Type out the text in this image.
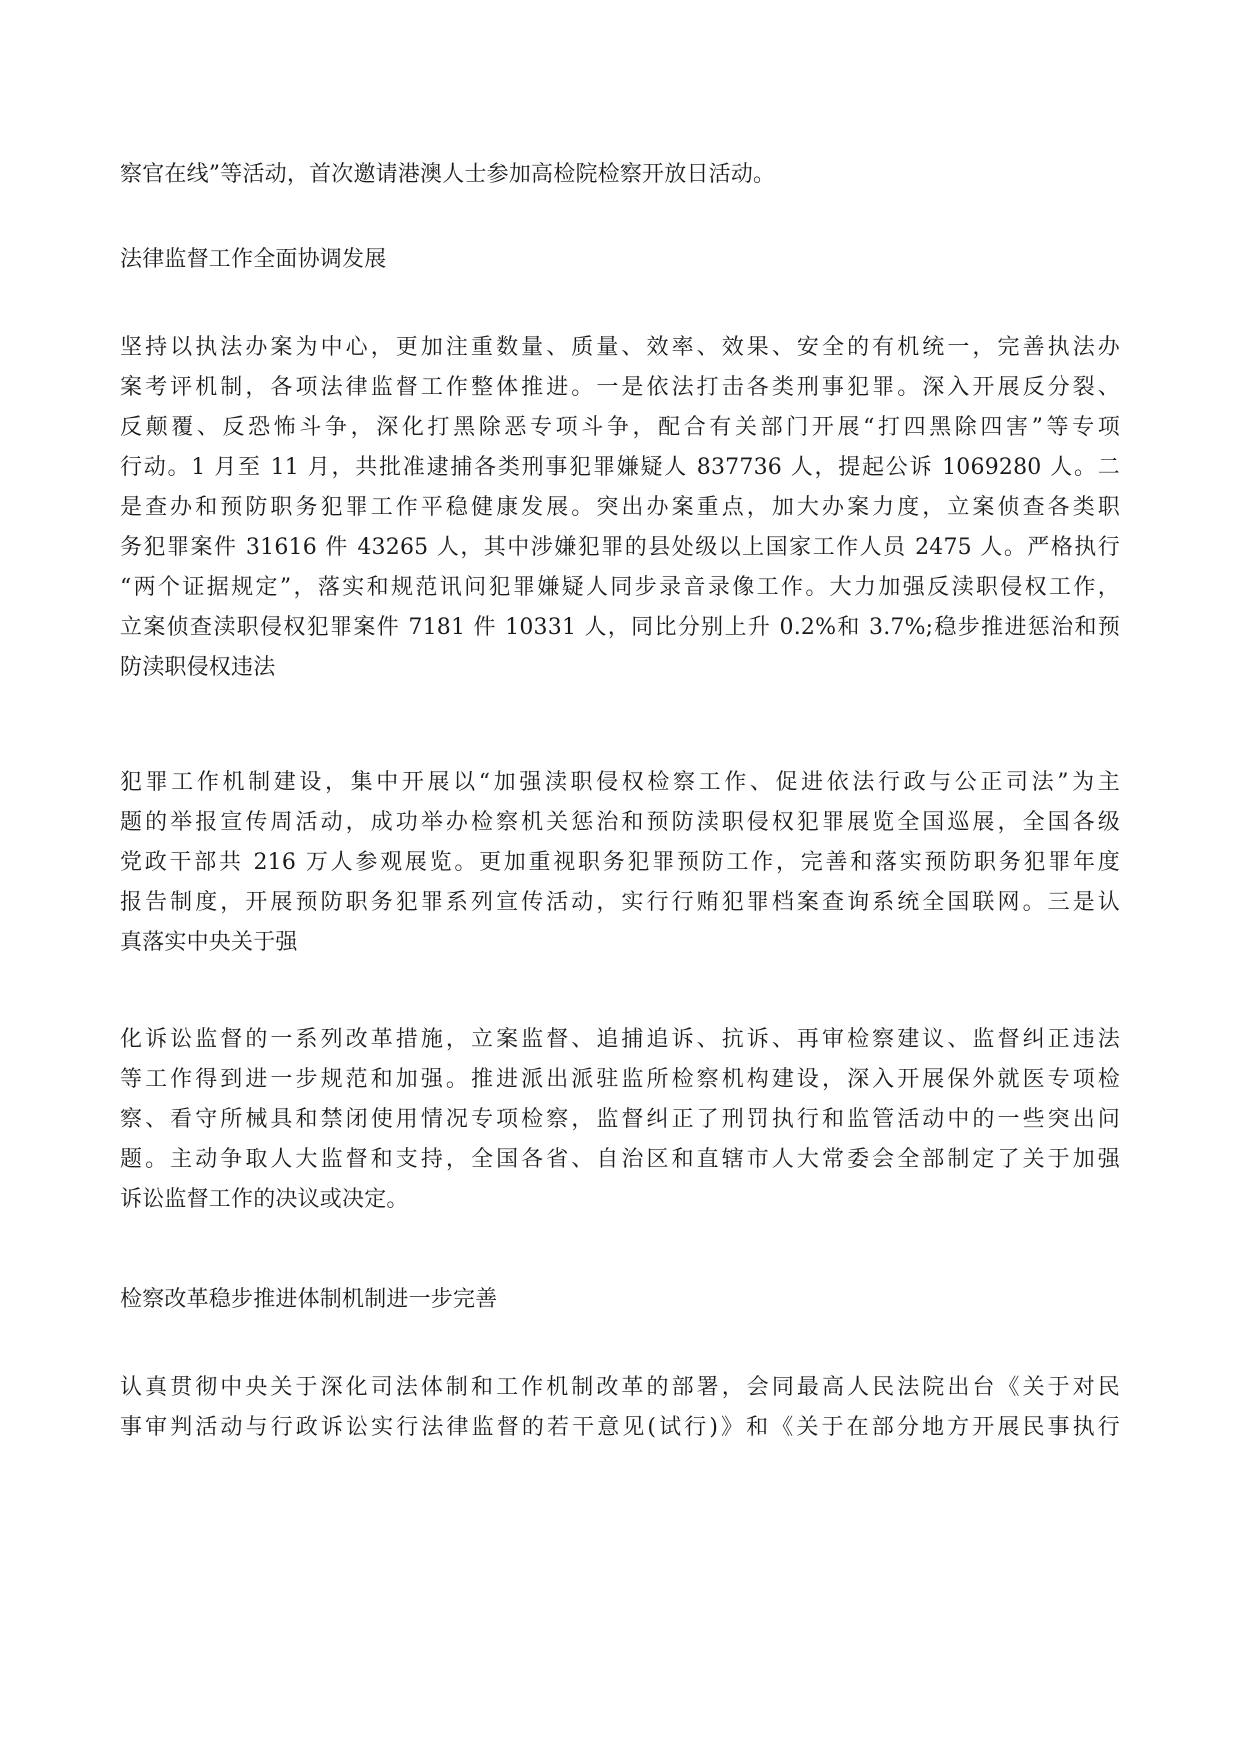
察官在线”等活动，首次邀请港澳人士参加高检院检察开放日活动。
法律监督工作全面协调发展
坚持以执法办案为中心，更加注重数量、质量、效率、效果、安全的有机统一，完善执法办
案考评机制，各项法律监督工作整体推进。一是依法打击各类刑事犯罪。深入开展反分裂、
反颠覆、反恐怖斗争，深化打黑除恶专项斗争，配合有关部门开展“打四黑除四害”等专项
行动。1 月至 11 月，共批准逮捕各类刑事犯罪嫌疑人 837736 人，提起公诉 1069280 人。二
是查办和预防职务犯罪工作平稳健康发展。突出办案重点，加大办案力度，立案侦查各类职
务犯罪案件 31616 件 43265 人，其中涉嫌犯罪的县处级以上国家工作人员 2475 人。严格执行
“两个证据规定”，落实和规范讯问犯罪嫌疑人同步录音录像工作。大力加强反渎职侵权工作，
立案侦查渎职侵权犯罪案件 7181 件 10331 人，同比分别上升 0.2%和 3.7%;稳步推进惩治和预
防渎职侵权违法
犯罪工作机制建设，集中开展以“加强渎职侵权检察工作、促进依法行政与公正司法”为主
题的举报宣传周活动，成功举办检察机关惩治和预防渎职侵权犯罪展览全国巡展，全国各级
党政干部共 216 万人参观展览。更加重视职务犯罪预防工作，完善和落实预防职务犯罪年度
报告制度，开展预防职务犯罪系列宣传活动，实行行贿犯罪档案查询系统全国联网。三是认
真落实中央关于强
化诉讼监督的一系列改革措施，立案监督、追捕追诉、抗诉、再审检察建议、监督纠正违法
等工作得到进一步规范和加强。推进派出派驻监所检察机构建设，深入开展保外就医专项检
察、看守所械具和禁闭使用情况专项检察，监督纠正了刑罚执行和监管活动中的一些突出问
题。主动争取人大监督和支持，全国各省、自治区和直辖市人大常委会全部制定了关于加强
诉讼监督工作的决议或决定。
检察改革稳步推进体制机制进一步完善
认真贯彻中央关于深化司法体制和工作机制改革的部署，会同最高人民法院出台《关于对民
事审判活动与行政诉讼实行法律监督的若干意见(试行)》和《关于在部分地方开展民事执行
